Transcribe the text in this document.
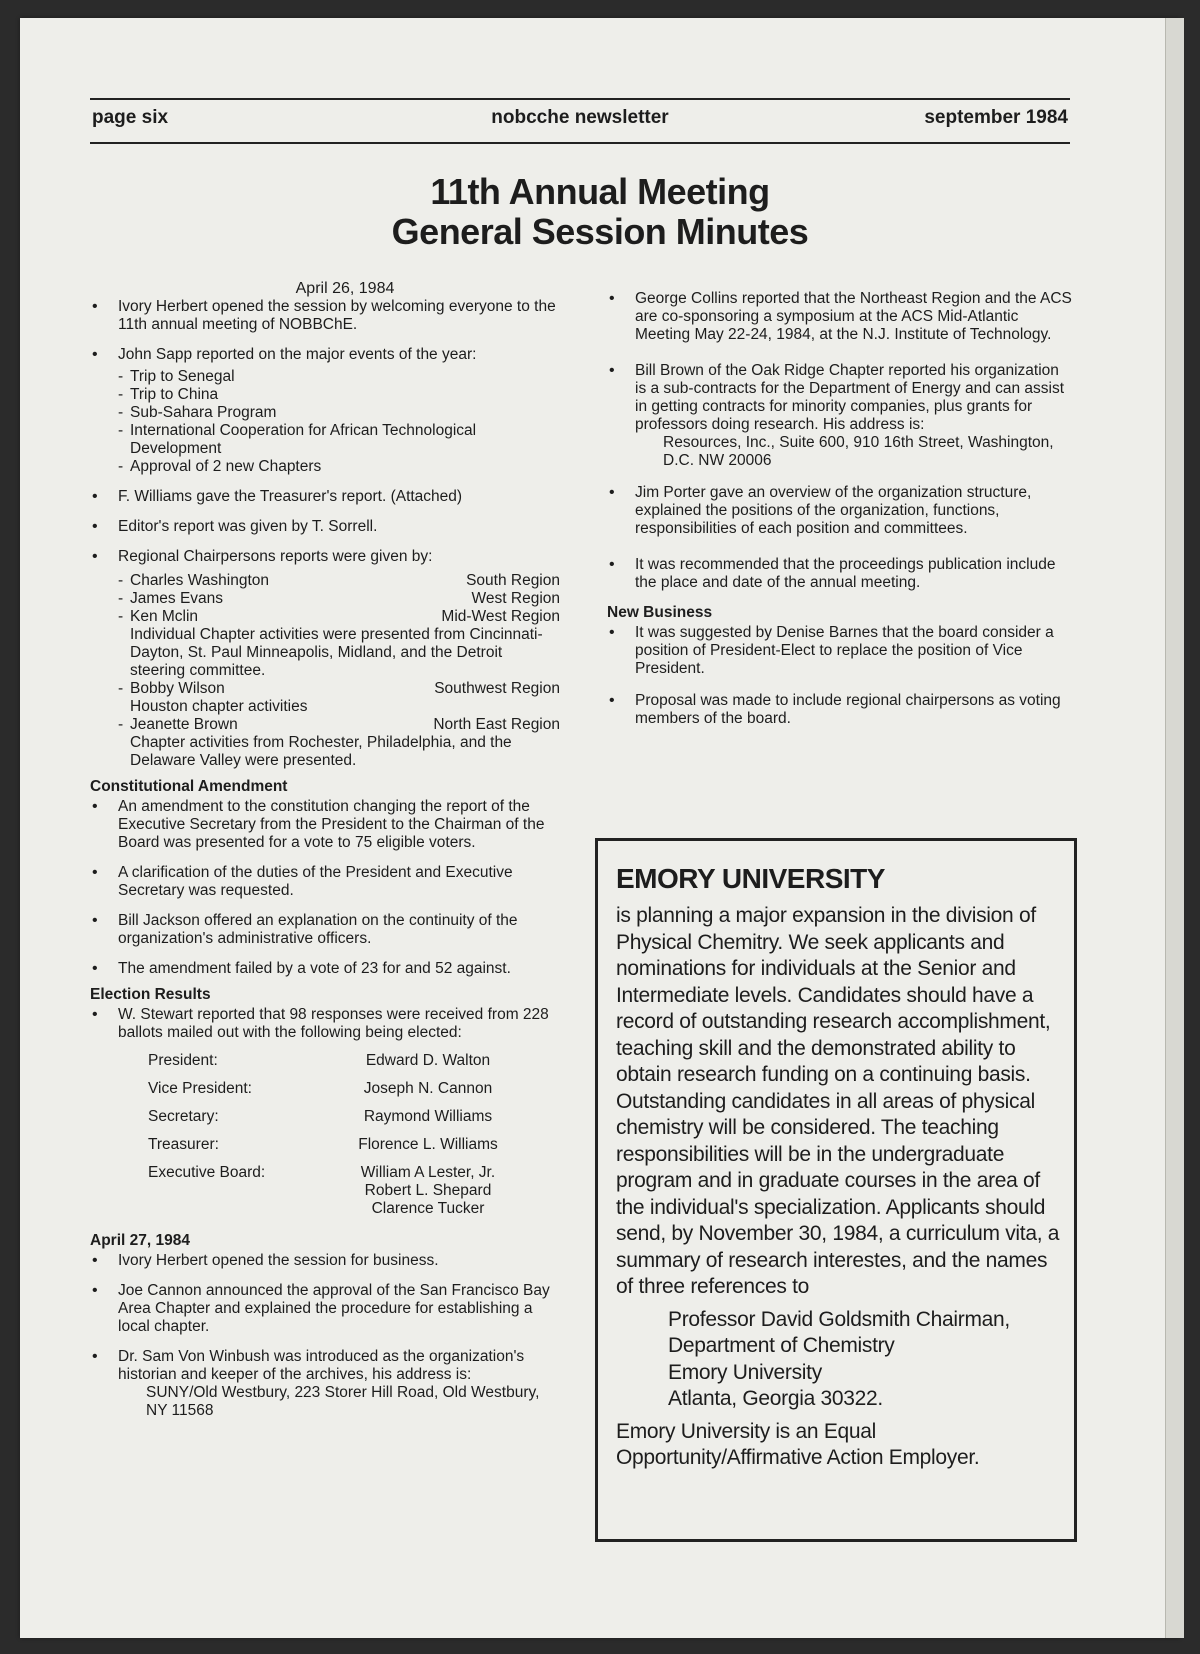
page six	nobcche newsletter	september 1984
11th Annual Meeting
General Session Minutes
April 26, 1984
• Ivory Herbert opened the session by welcoming everyone to the 11th annual meeting of NOBBChE.
• John Sapp reported on the major events of the year:
- Trip to Senegal
- Trip to China
- Sub-Sahara Program
- International Cooperation for African Technological Development
- Approval of 2 new Chapters
• F. Williams gave the Treasurer's report. (Attached)
• Editor's report was given by T. Sorrell.
• Regional Chairpersons reports were given by:
- Charles Washington	South Region
- James Evans	West Region
- Ken Mclin	Mid-West Region
Individual Chapter activities were presented from Cincinnati-Dayton, St. Paul Minneapolis, Midland, and the Detroit steering committee.
- Bobby Wilson	Southwest Region
Houston chapter activities
- Jeanette Brown	North East Region
Chapter activities from Rochester, Philadelphia, and the Delaware Valley were presented.
Constitutional Amendment
• An amendment to the constitution changing the report of the Executive Secretary from the President to the Chairman of the Board was presented for a vote to 75 eligible voters.
• A clarification of the duties of the President and Executive Secretary was requested.
• Bill Jackson offered an explanation on the continuity of the organization's administrative officers.
• The amendment failed by a vote of 23 for and 52 against.
Election Results
• W. Stewart reported that 98 responses were received from 228 ballots mailed out with the following being elected:
President:	Edward D. Walton
Vice President:	Joseph N. Cannon
Secretary:	Raymond Williams
Treasurer:	Florence L. Williams
Executive Board:	William A Lester, Jr.
Robert L. Shepard
Clarence Tucker
April 27, 1984
• Ivory Herbert opened the session for business.
• Joe Cannon announced the approval of the San Francisco Bay Area Chapter and explained the procedure for establishing a local chapter.
• Dr. Sam Von Winbush was introduced as the organization's historian and keeper of the archives, his address is:
SUNY/Old Westbury, 223 Storer Hill Road, Old Westbury, NY 11568
• George Collins reported that the Northeast Region and the ACS are co-sponsoring a symposium at the ACS Mid-Atlantic Meeting May 22-24, 1984, at the N.J. Institute of Technology.
• Bill Brown of the Oak Ridge Chapter reported his organization is a sub-contracts for the Department of Energy and can assist in getting contracts for minority companies, plus grants for professors doing research. His address is:
Resources, Inc., Suite 600, 910 16th Street, Washington, D.C. NW 20006
• Jim Porter gave an overview of the organization structure, explained the positions of the organization, functions, responsibilities of each position and committees.
• It was recommended that the proceedings publication include the place and date of the annual meeting.
New Business
• It was suggested by Denise Barnes that the board consider a position of President-Elect to replace the position of Vice President.
• Proposal was made to include regional chairpersons as voting members of the board.
EMORY UNIVERSITY
is planning a major expansion in the division of Physical Chemitry. We seek applicants and nominations for individuals at the Senior and Intermediate levels. Candidates should have a record of outstanding research accomplishment, teaching skill and the demonstrated ability to obtain research funding on a continuing basis. Outstanding candidates in all areas of physical chemistry will be considered. The teaching responsibilities will be in the undergraduate program and in graduate courses in the area of the individual's specialization. Applicants should send, by November 30, 1984, a curriculum vita, a summary of research interestes, and the names of three references to
Professor David Goldsmith Chairman,
Department of Chemistry
Emory University
Atlanta, Georgia 30322.
Emory University is an Equal Opportunity/Affirmative Action Employer.
